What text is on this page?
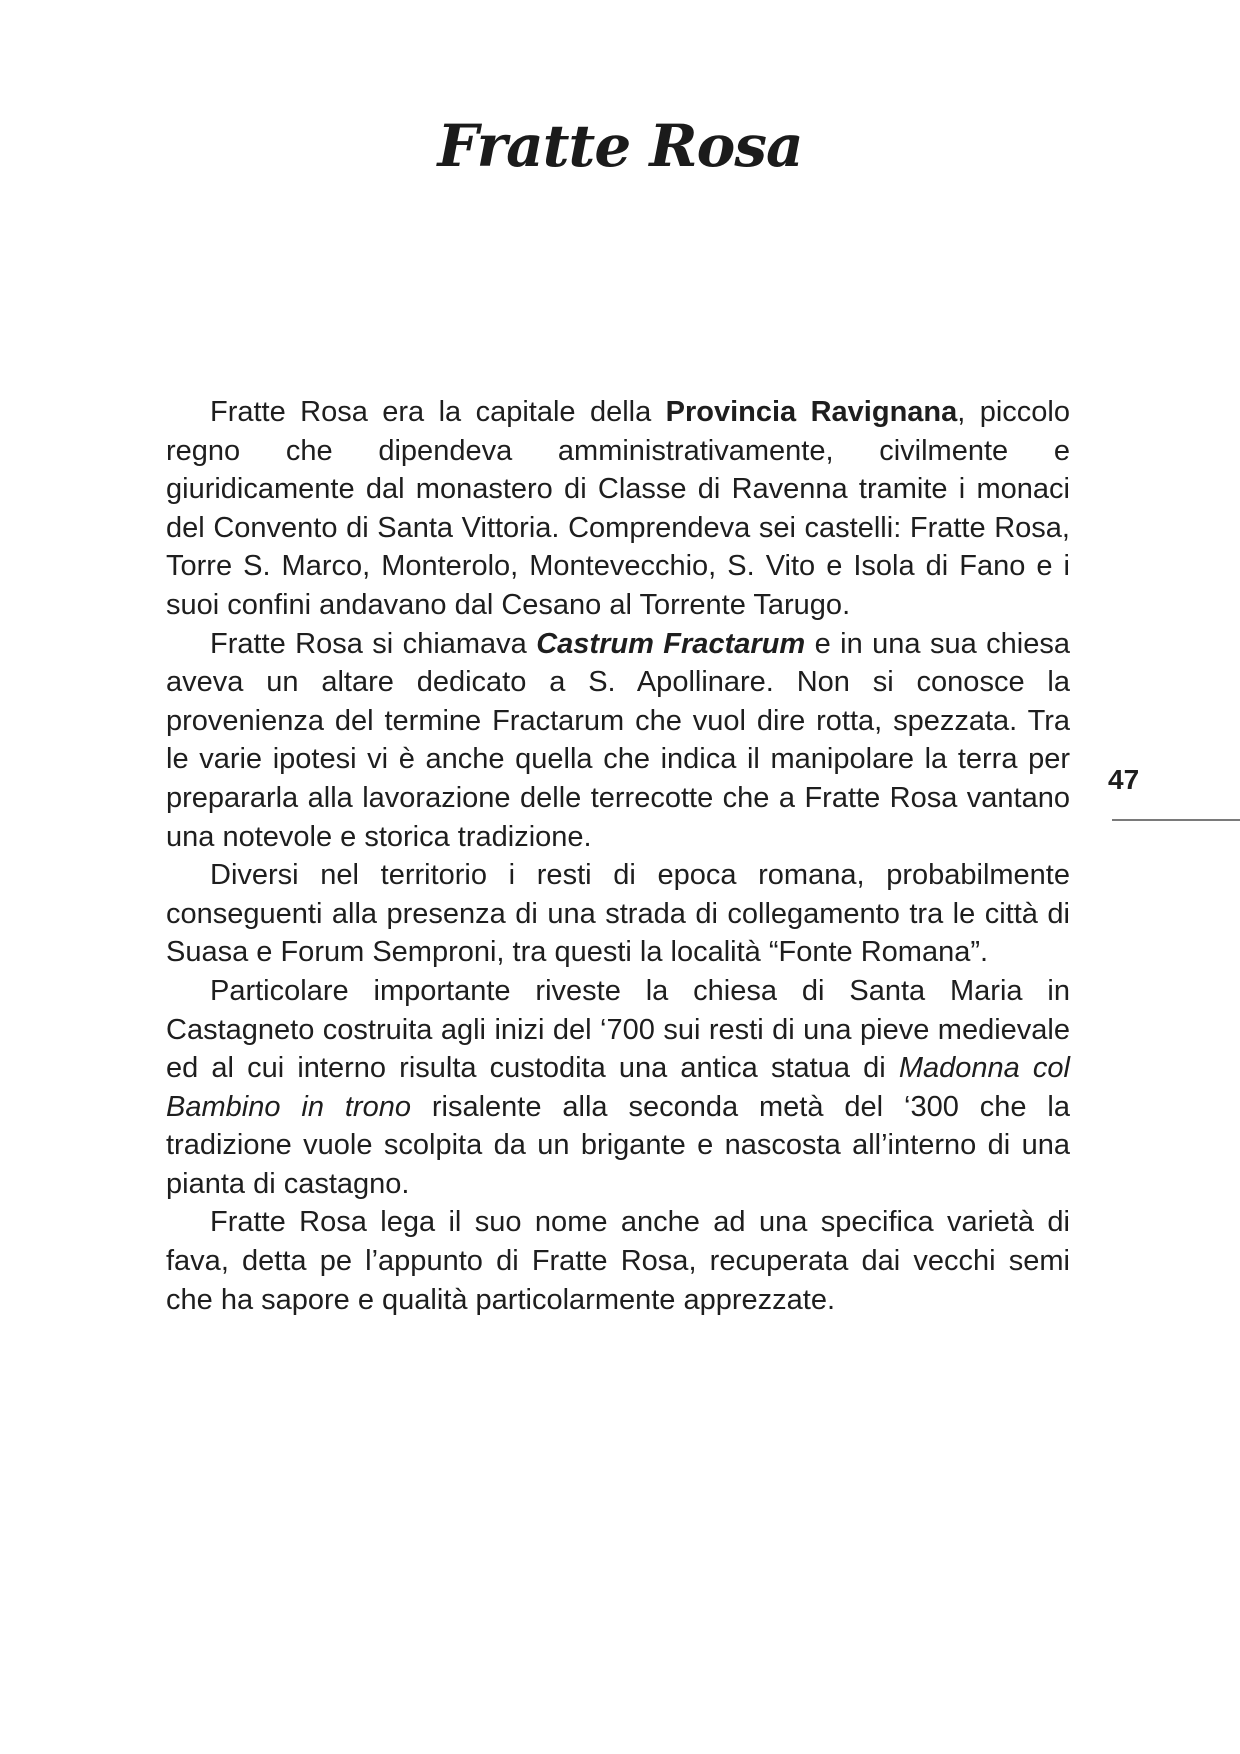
Fratte Rosa

Fratte Rosa era la capitale della Provincia Ravignana, piccolo regno che dipendeva amministrativamente, civilmente e giuridicamente dal monastero di Classe di Ravenna tramite i monaci del Convento di Santa Vittoria. Comprendeva sei castelli: Fratte Rosa, Torre S. Marco, Monterolo, Montevecchio, S. Vito e Isola di Fano e i suoi confini andavano dal Cesano al Torrente Tarugo.

Fratte Rosa si chiamava Castrum Fractarum e in una sua chiesa aveva un altare dedicato a S. Apollinare. Non si conosce la provenienza del termine Fractarum che vuol dire rotta, spezzata. Tra le varie ipotesi vi è anche quella che indica il manipolare la terra per prepararla alla lavorazione delle terrecotte che a Fratte Rosa vantano una notevole e storica tradizione.

Diversi nel territorio i resti di epoca romana, probabilmente conseguenti alla presenza di una strada di collegamento tra le città di Suasa e Forum Semproni, tra questi la località “Fonte Romana”.

Particolare importante riveste la chiesa di Santa Maria in Castagneto costruita agli inizi del ‘700 sui resti di una pieve medievale ed al cui interno risulta custodita una antica statua di Madonna col Bambino in trono risalente alla seconda metà del ‘300 che la tradizione vuole scolpita da un brigante e nascosta all’interno di una pianta di castagno.

Fratte Rosa lega il suo nome anche ad una specifica varietà di fava, detta pe l’appunto di Fratte Rosa, recuperata dai vecchi semi che ha sapore e qualità particolarmente apprezzate.

47
